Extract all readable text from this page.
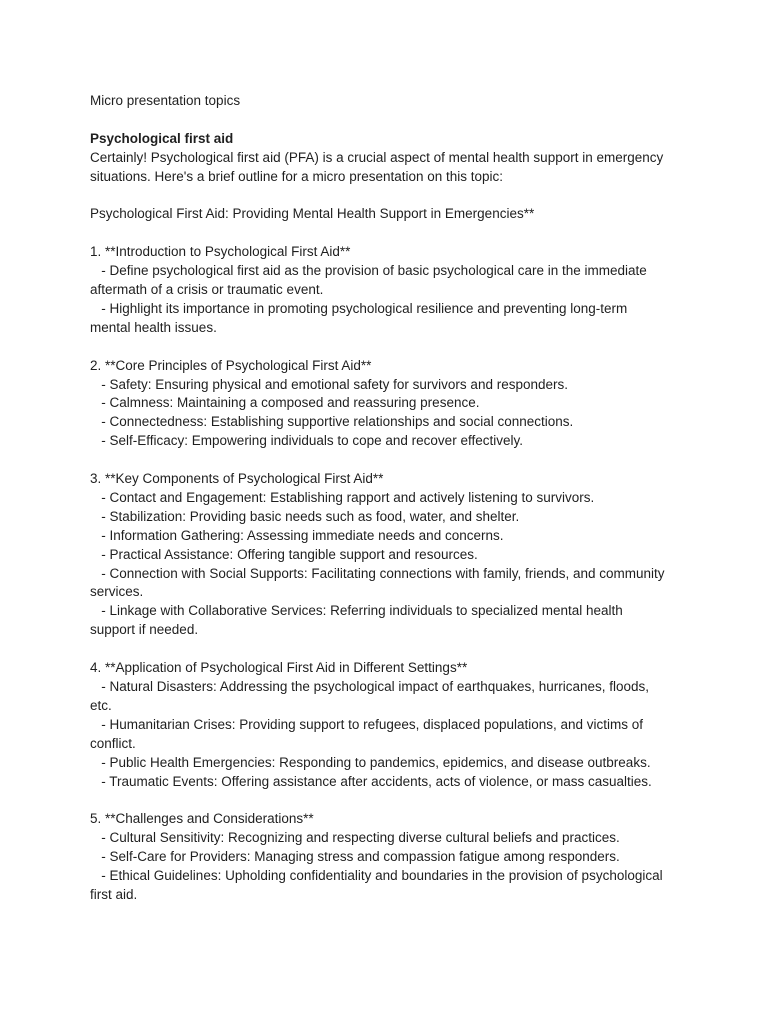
Micro presentation topics
Psychological first aid
Certainly! Psychological first aid (PFA) is a crucial aspect of mental health support in emergency
situations. Here's a brief outline for a micro presentation on this topic:
Psychological First Aid: Providing Mental Health Support in Emergencies**
1. **Introduction to Psychological First Aid**
- Define psychological first aid as the provision of basic psychological care in the immediate
aftermath of a crisis or traumatic event.
- Highlight its importance in promoting psychological resilience and preventing long-term
mental health issues.
2. **Core Principles of Psychological First Aid**
- Safety: Ensuring physical and emotional safety for survivors and responders.
- Calmness: Maintaining a composed and reassuring presence.
- Connectedness: Establishing supportive relationships and social connections.
- Self-Efficacy: Empowering individuals to cope and recover effectively.
3. **Key Components of Psychological First Aid**
- Contact and Engagement: Establishing rapport and actively listening to survivors.
- Stabilization: Providing basic needs such as food, water, and shelter.
- Information Gathering: Assessing immediate needs and concerns.
- Practical Assistance: Offering tangible support and resources.
- Connection with Social Supports: Facilitating connections with family, friends, and community
services.
- Linkage with Collaborative Services: Referring individuals to specialized mental health
support if needed.
4. **Application of Psychological First Aid in Different Settings**
- Natural Disasters: Addressing the psychological impact of earthquakes, hurricanes, floods,
etc.
- Humanitarian Crises: Providing support to refugees, displaced populations, and victims of
conflict.
- Public Health Emergencies: Responding to pandemics, epidemics, and disease outbreaks.
- Traumatic Events: Offering assistance after accidents, acts of violence, or mass casualties.
5. **Challenges and Considerations**
- Cultural Sensitivity: Recognizing and respecting diverse cultural beliefs and practices.
- Self-Care for Providers: Managing stress and compassion fatigue among responders.
- Ethical Guidelines: Upholding confidentiality and boundaries in the provision of psychological
first aid.
